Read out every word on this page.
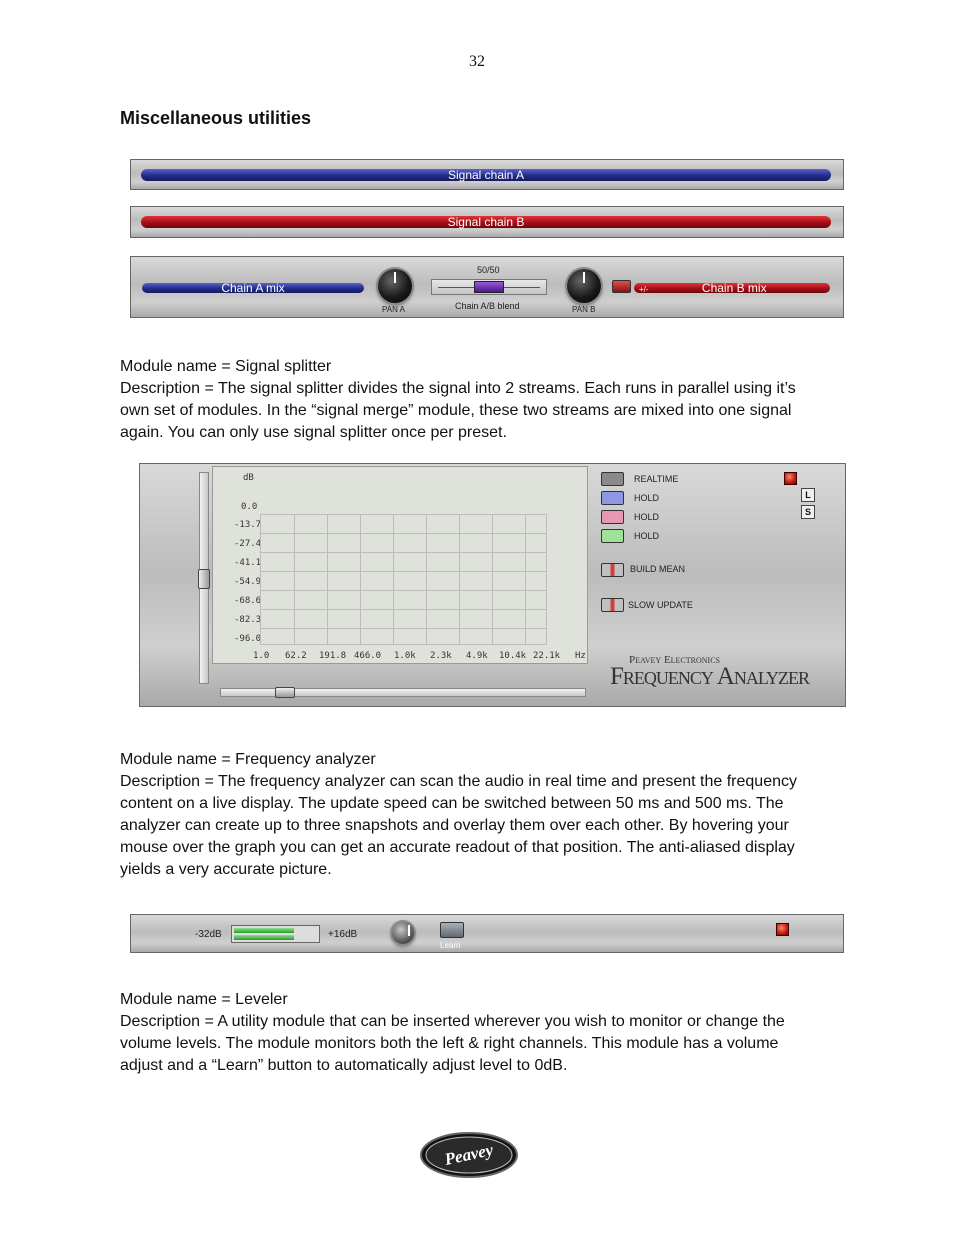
32
Miscellaneous utilities
Signal chain A
Signal chain B
Chain A mix
PAN A
50/50
Chain A/B blend	PAN B
+/-	Chain B mix
Module name = Signal splitter
Description = The signal splitter divides the signal into 2 streams. Each runs in parallel using it’s
own set of modules. In the “signal merge” module, these two streams are mixed into one signal
again. You can only use signal splitter once per preset.
dB
0.0
-13.7
-27.4
-41.1
-54.9
-68.6
-82.3
-96.0
1.0 62.2 191.8 466.0 1.0k 2.3k 4.9k 10.4k 22.1k Hz
REALTIME
HOLD
HOLD
HOLD
BUILD MEAN
SLOW UPDATE
L
S
Peavey Electronics
Frequency Analyzer
Module name = Frequency analyzer
Description = The frequency analyzer can scan the audio in real time and present the frequency
content on a live display. The update speed can be switched between 50 ms and 500 ms. The
analyzer can create up to three snapshots and overlay them over each other. By hovering your
mouse over the graph you can get an accurate readout of that position. The anti-aliased display
yields a very accurate picture.
-32dB	+16dB
Learn
Module name = Leveler
Description = A utility module that can be inserted wherever you wish to monitor or change the
volume levels. The module monitors both the left & right channels. This module has a volume
adjust and a “Learn” button to automatically adjust level to 0dB.
Peavey
